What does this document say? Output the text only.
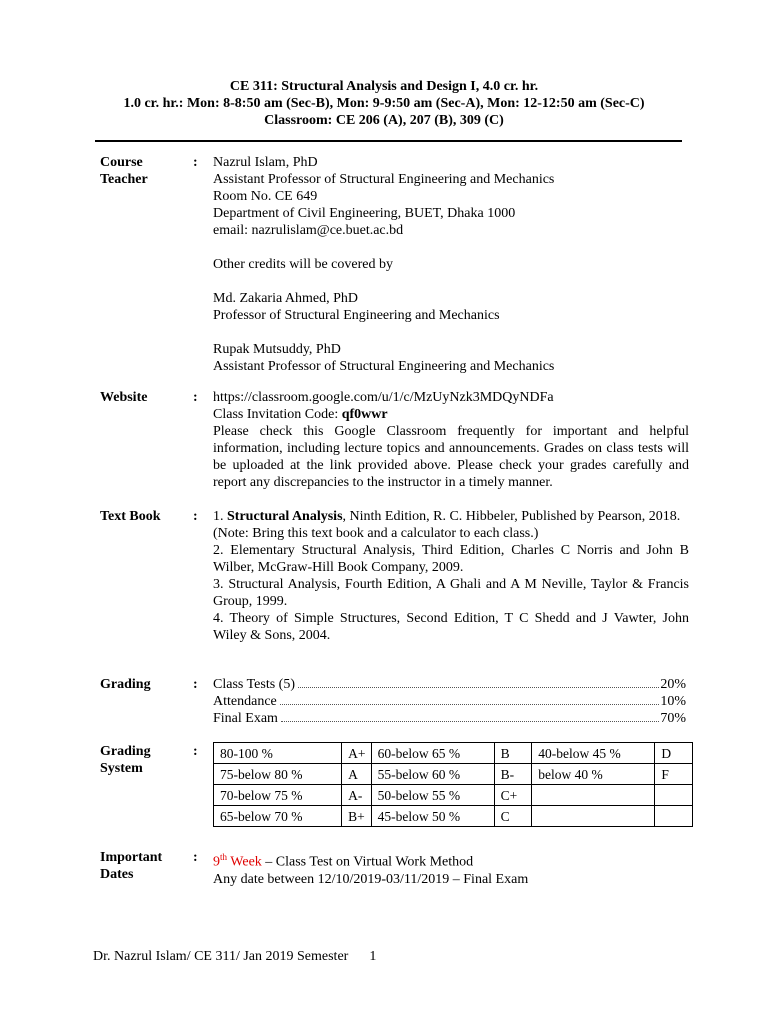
CE 311: Structural Analysis and Design I, 4.0 cr. hr.
1.0 cr. hr.: Mon: 8-8:50 am (Sec-B), Mon: 9-9:50 am (Sec-A), Mon: 12-12:50 am (Sec-C)
Classroom: CE 206 (A), 207 (B), 309 (C)
Course
Teacher
: Nazrul Islam, PhD
Assistant Professor of Structural Engineering and Mechanics
Room No. CE 649
Department of Civil Engineering, BUET, Dhaka 1000
email: nazrulislam@ce.buet.ac.bd
Other credits will be covered by
Md. Zakaria Ahmed, PhD
Professor of Structural Engineering and Mechanics
Rupak Mutsuddy, PhD
Assistant Professor of Structural Engineering and Mechanics
Website	: https://classroom.google.com/u/1/c/MzUyNzk3MDQyNDFa
Class Invitation Code: qf0wwr
Please check this Google Classroom frequently for important and helpful information, including lecture topics and announcements. Grades on class tests will be uploaded at the link provided above. Please check your grades carefully and report any discrepancies to the instructor in a timely manner.
Text Book : 1. Structural Analysis, Ninth Edition, R. C. Hibbeler, Published by Pearson, 2018.
(Note: Bring this text book and a calculator to each class.)
2. Elementary Structural Analysis, Third Edition, Charles C Norris and John B Wilber, McGraw-Hill Book Company, 2009.
3. Structural Analysis, Fourth Edition, A Ghali and A M Neville, Taylor & Francis Group, 1999.
4. Theory of Simple Structures, Second Edition, T C Shedd and J Vawter, John Wiley & Sons, 2004.
Grading	: Class Tests (5)	20%
Attendance	10%
Final Exam	70%
Grading
System
: 80-100 %	A+	60-below 65 %	B	40-below 45 %	D
75-below 80 %	A	55-below 60 %	B-	below 40 %	F
70-below 75 %	A-	50-below 55 %	C+		
65-below 70 %	B+	45-below 50 %	C		
Important
Dates
: 9th Week – Class Test on Virtual Work Method
Any date between 12/10/2019-03/11/2019 – Final Exam
Dr. Nazrul Islam/ CE 311/ Jan 2019 Semester 1
